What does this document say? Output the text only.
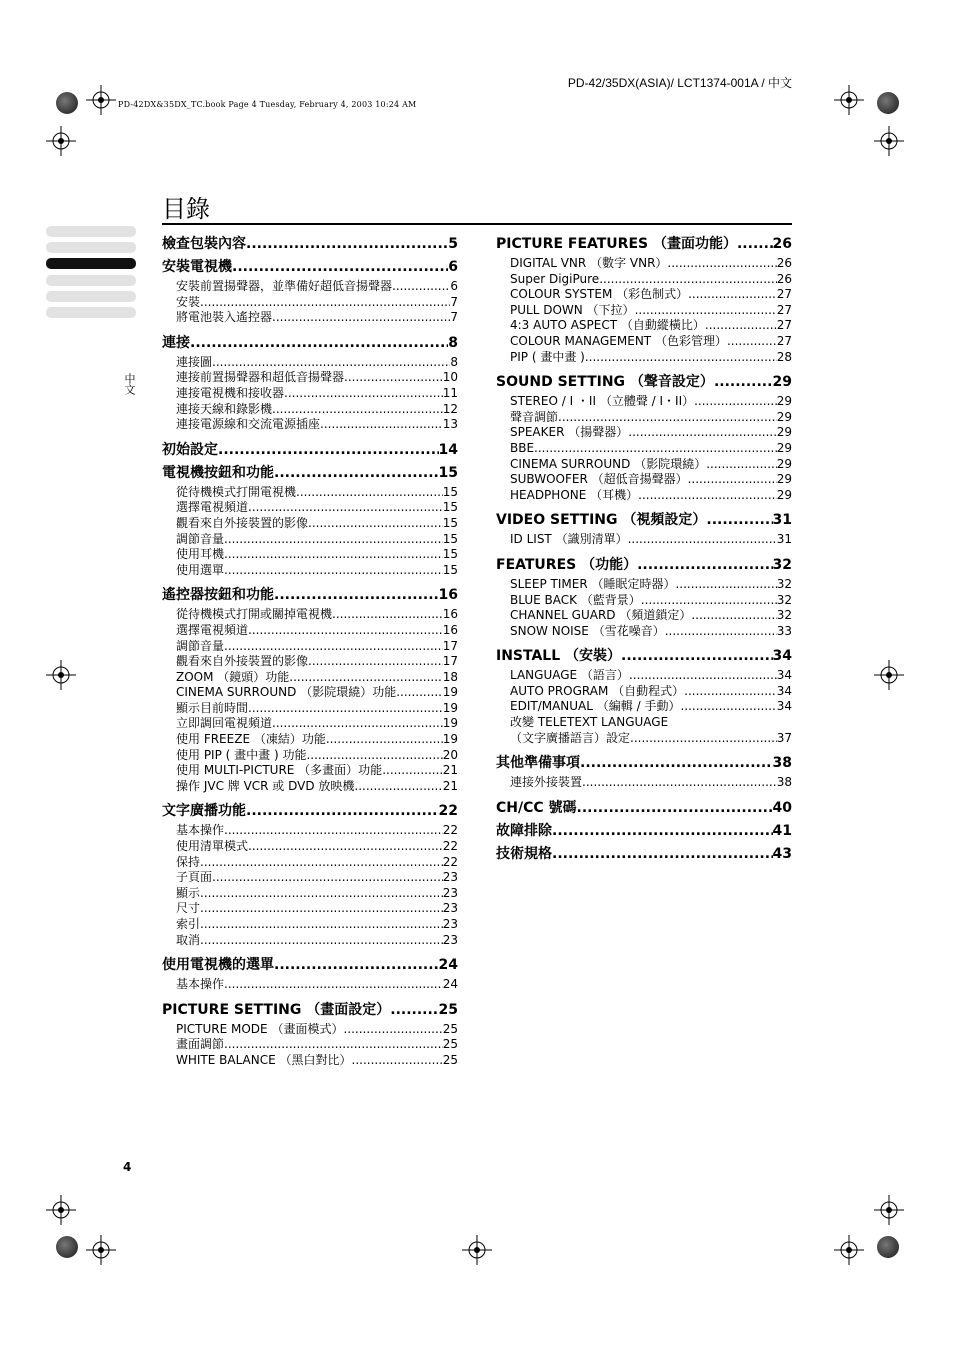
PD-42/35DX(ASIA)/ LCT1374-001A / 中文
PD-42DX&35DX_TC.book Page 4 Tuesday, February 4, 2003 10:24 AM
目錄
中文
檢查包裝內容 .....	5
安裝電視機 .....	6
安裝前置揚聲器，並準備好超低音揚聲器 .....	6
安裝 .....	7
將電池裝入遙控器 .....	7
連接 .....	8
連接圖 .....	8
連接前置揚聲器和超低音揚聲器 .....	10
連接電視機和接收器 .....	11
連接天線和錄影機 .....	12
連接電源線和交流電源插座 .....	13
初始設定 .....	14
電視機按鈕和功能 .....	15
從待機模式打開電視機 .....	15
選擇電視頻道 .....	15
觀看來自外接裝置的影像 .....	15
調節音量 .....	15
使用耳機 .....	15
使用選單 .....	15
遙控器按鈕和功能 .....	16
從待機模式打開或關掉電視機 .....	16
選擇電視頻道 .....	16
調節音量 .....	17
觀看來自外接裝置的影像 .....	17
ZOOM （鏡頭）功能 .....	18
CINEMA SURROUND （影院環繞）功能 .....	19
顯示目前時間 .....	19
立即調回電視頻道 .....	19
使用 FREEZE （凍結）功能 .....	19
使用 PIP ( 畫中畫 ) 功能 .....	20
使用 MULTI-PICTURE （多畫面）功能 .....	21
操作 JVC 牌 VCR 或 DVD 放映機 .....	21
文字廣播功能 .....	22
基本操作 .....	22
使用清單模式 .....	22
保持 .....	22
子頁面 .....	23
顯示 .....	23
尺寸 .....	23
索引 .....	23
取消 .....	23
使用電視機的選單 .....	24
基本操作 .....	24
PICTURE SETTING （畫面設定） .....	25
PICTURE MODE （畫面模式） .....	25
畫面調節 .....	25
WHITE BALANCE （黑白對比） .....	25
PICTURE FEATURES （畫面功能） .....	26
DIGITAL VNR （數字 VNR） .....	26
Super DigiPure .....	26
COLOUR SYSTEM （彩色制式） .....	27
PULL DOWN （下拉） .....	27
4:3 AUTO ASPECT （自動縱橫比） .....	27
COLOUR MANAGEMENT （色彩管理） .....	27
PIP ( 畫中畫 ) .....	28
SOUND SETTING （聲音設定） .....	29
STEREO / I ・II （立體聲 / I・II） .....	29
聲音調節 .....	29
SPEAKER （揚聲器） .....	29
BBE .....	29
CINEMA SURROUND （影院環繞） .....	29
SUBWOOFER （超低音揚聲器） .....	29
HEADPHONE （耳機） .....	29
VIDEO SETTING （視頻設定） .....	31
ID LIST （識別清單） .....	31
FEATURES （功能） .....	32
SLEEP TIMER （睡眠定時器） .....	32
BLUE BACK （藍背景） .....	32
CHANNEL GUARD （頻道鎖定） .....	32
SNOW NOISE （雪花噪音） .....	33
INSTALL （安裝） .....	34
LANGUAGE （語言） .....	34
AUTO PROGRAM （自動程式） .....	34
EDIT/MANUAL （編輯 / 手動） .....	34
改變 TELETEXT LANGUAGE
（文字廣播語言）設定 .....	37
其他準備事項 .....	38
連接外接裝置 .....	38
CH/CC 號碼 .....	40
故障排除 .....	41
技術規格 .....	43
4
